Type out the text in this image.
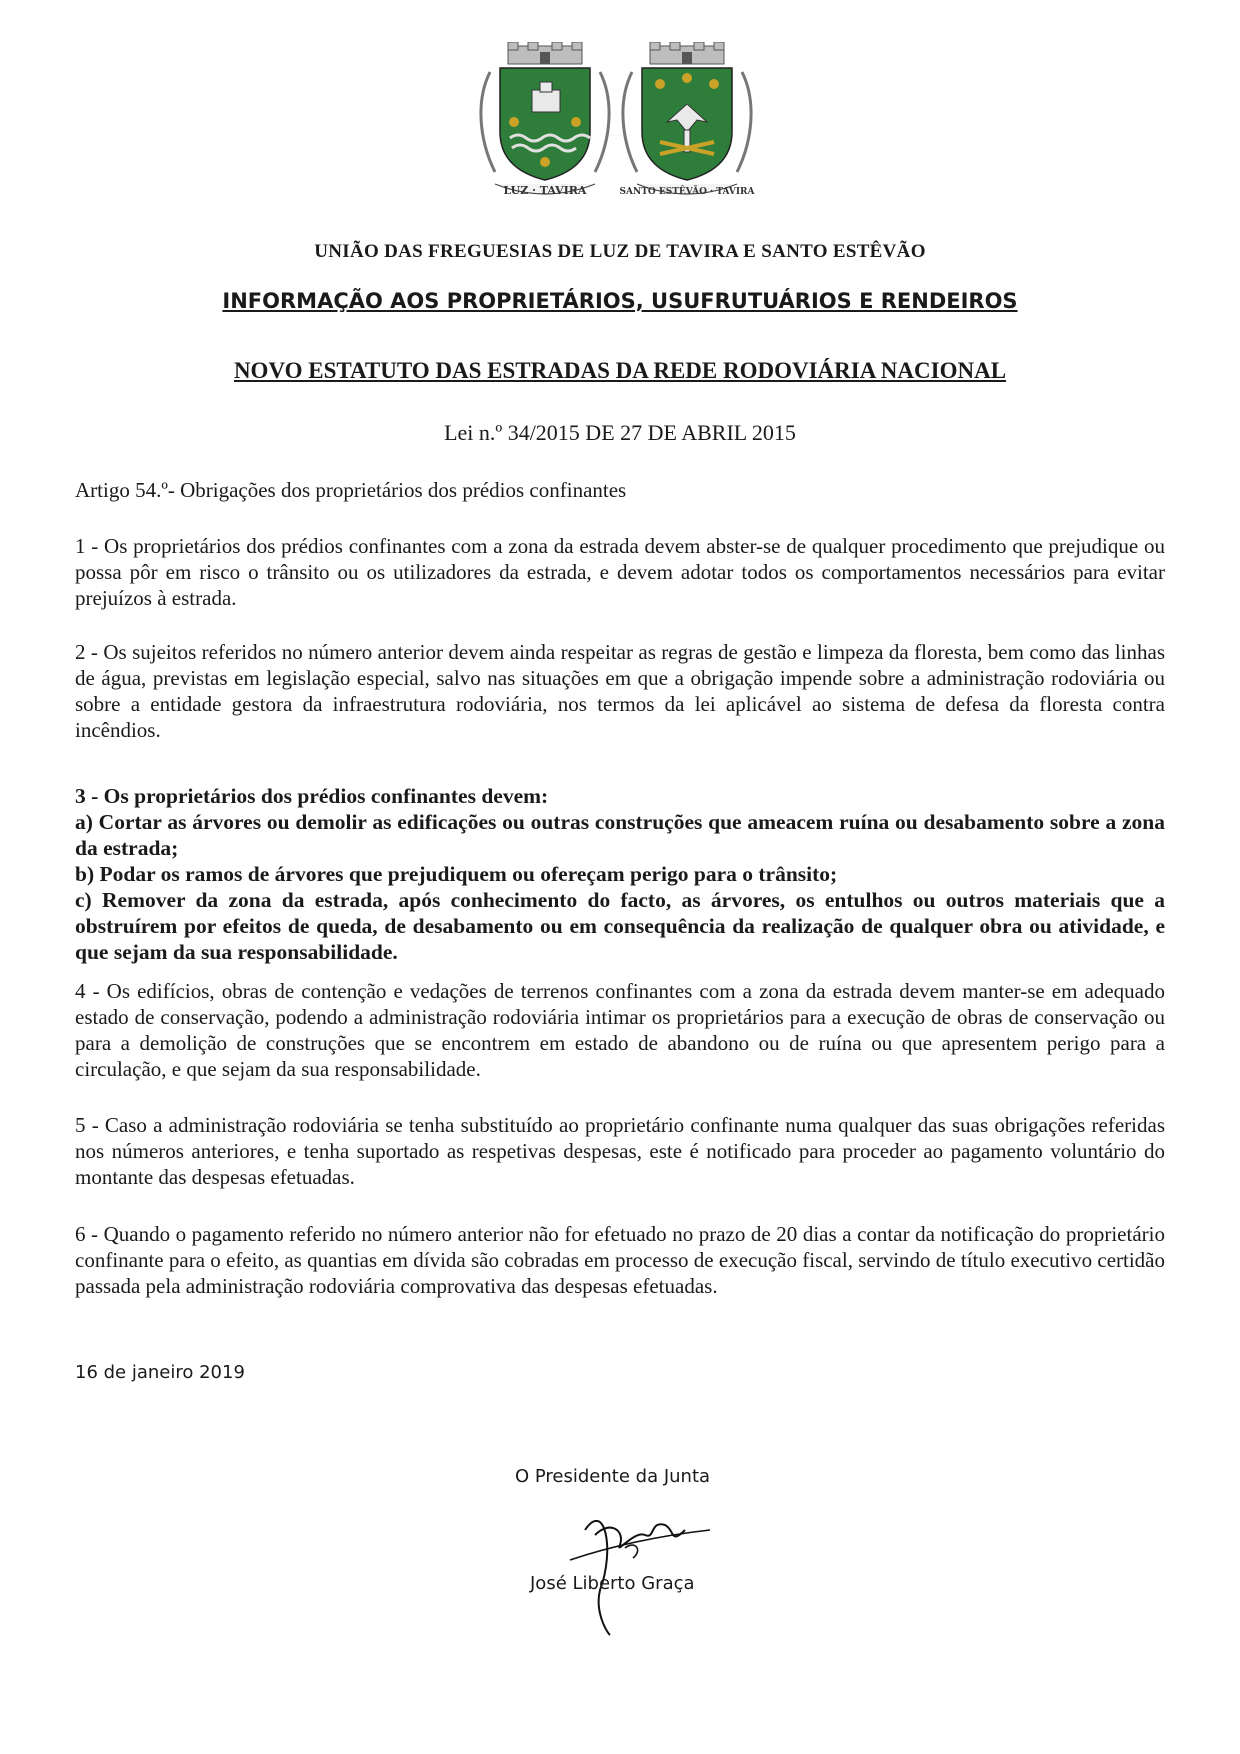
LUZ · TAVIRA	SANTO ESTÊVÃO · TAVIRA
UNIÃO DAS FREGUESIAS DE LUZ DE TAVIRA E SANTO ESTÊVÃO
INFORMAÇÃO AOS PROPRIETÁRIOS, USUFRUTUÁRIOS E RENDEIROS
NOVO ESTATUTO DAS ESTRADAS DA REDE RODOVIÁRIA NACIONAL
Lei n.º 34/2015 DE 27 DE ABRIL 2015
Artigo 54.º- Obrigações dos proprietários dos prédios confinantes
1 - Os proprietários dos prédios confinantes com a zona da estrada devem abster-se de qualquer procedimento que prejudique ou possa pôr em risco o trânsito ou os utilizadores da estrada, e devem adotar todos os comportamentos necessários para evitar prejuízos à estrada.
2 - Os sujeitos referidos no número anterior devem ainda respeitar as regras de gestão e limpeza da floresta, bem como das linhas de água, previstas em legislação especial, salvo nas situações em que a obrigação impende sobre a administração rodoviária ou sobre a entidade gestora da infraestrutura rodoviária, nos termos da lei aplicável ao sistema de defesa da floresta contra incêndios.

3 - Os proprietários dos prédios confinantes devem:

a) Cortar as árvores ou demolir as edificações ou outras construções que ameacem ruína ou desabamento sobre a zona da estrada;

b) Podar os ramos de árvores que prejudiquem ou ofereçam perigo para o trânsito;

c) Remover da zona da estrada, após conhecimento do facto, as árvores, os entulhos ou outros materiais que a obstruírem por efeitos de queda, de desabamento ou em consequência da realização de qualquer obra ou atividade, e que sejam da sua responsabilidade.

4 - Os edifícios, obras de contenção e vedações de terrenos confinantes com a zona da estrada devem manter-se em adequado estado de conservação, podendo a administração rodoviária intimar os proprietários para a execução de obras de conservação ou para a demolição de construções que se encontrem em estado de abandono ou de ruína ou que apresentem perigo para a circulação, e que sejam da sua responsabilidade.
5 - Caso a administração rodoviária se tenha substituído ao proprietário confinante numa qualquer das suas obrigações referidas nos números anteriores, e tenha suportado as respetivas despesas, este é notificado para proceder ao pagamento voluntário do montante das despesas efetuadas.
6 - Quando o pagamento referido no número anterior não for efetuado no prazo de 20 dias a contar da notificação do proprietário confinante para o efeito, as quantias em dívida são cobradas em processo de execução fiscal, servindo de título executivo certidão passada pela administração rodoviária comprovativa das despesas efetuadas.
16 de janeiro 2019
O Presidente da Junta
José Liberto Graça
